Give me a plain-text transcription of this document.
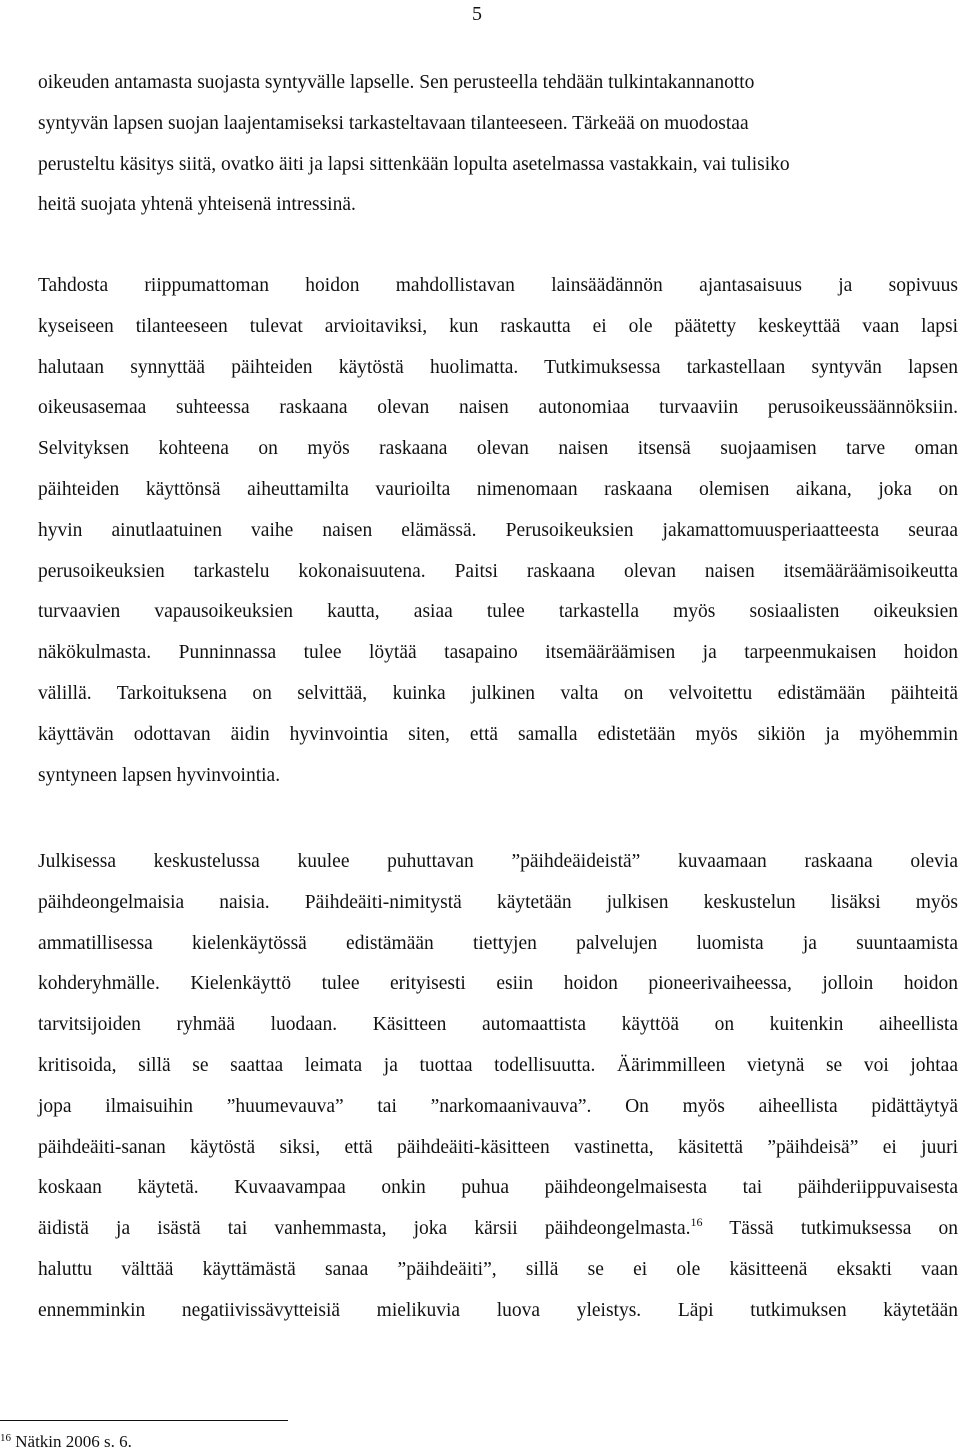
5
oikeuden antamasta suojasta syntyvälle lapselle. Sen perusteella tehdään tulkintakannanotto
syntyvän lapsen suojan laajentamiseksi tarkasteltavaan tilanteeseen. Tärkeää on muodostaa
perusteltu käsitys siitä, ovatko äiti ja lapsi sittenkään lopulta asetelmassa vastakkain, vai tulisiko
heitä suojata yhtenä yhteisenä intressinä.
Tahdosta riippumattoman hoidon mahdollistavan lainsäädännön ajantasaisuus ja sopivuus
kyseiseen tilanteeseen tulevat arvioitaviksi, kun raskautta ei ole päätetty keskeyttää vaan lapsi
halutaan synnyttää päihteiden käytöstä huolimatta. Tutkimuksessa tarkastellaan syntyvän lapsen
oikeusasemaa suhteessa raskaana olevan naisen autonomiaa turvaaviin perusoikeussäännöksiin.
Selvityksen kohteena on myös raskaana olevan naisen itsensä suojaamisen tarve oman
päihteiden käyttönsä aiheuttamilta vaurioilta nimenomaan raskaana olemisen aikana, joka on
hyvin ainutlaatuinen vaihe naisen elämässä. Perusoikeuksien jakamattomuusperiaatteesta seuraa
perusoikeuksien tarkastelu kokonaisuutena. Paitsi raskaana olevan naisen itsemääräämisoikeutta
turvaavien vapausoikeuksien kautta, asiaa tulee tarkastella myös sosiaalisten oikeuksien
näkökulmasta. Punninnassa tulee löytää tasapaino itsemääräämisen ja tarpeenmukaisen hoidon
välillä. Tarkoituksena on selvittää, kuinka julkinen valta on velvoitettu edistämään päihteitä
käyttävän odottavan äidin hyvinvointia siten, että samalla edistetään myös sikiön ja myöhemmin
syntyneen lapsen hyvinvointia.
Julkisessa keskustelussa kuulee puhuttavan ”päihdeäideistä” kuvaamaan raskaana olevia
päihdeongelmaisia naisia. Päihdeäiti-nimitystä käytetään julkisen keskustelun lisäksi myös
ammatillisessa kielenkäytössä edistämään tiettyjen palvelujen luomista ja suuntaamista
kohderyhmälle. Kielenkäyttö tulee erityisesti esiin hoidon pioneerivaiheessa, jolloin hoidon
tarvitsijoiden ryhmää luodaan. Käsitteen automaattista käyttöä on kuitenkin aiheellista
kritisoida, sillä se saattaa leimata ja tuottaa todellisuutta. Äärimmilleen vietynä se voi johtaa
jopa ilmaisuihin ”huumevauva” tai ”narkomaanivauva”. On myös aiheellista pidättäytyä
päihdeäiti-sanan käytöstä siksi, että päihdeäiti-käsitteen vastinetta, käsitettä ”päihdeisä” ei juuri
koskaan käytetä. Kuvaavampaa onkin puhua päihdeongelmaisesta tai päihderiippuvaisesta
äidistä ja isästä tai vanhemmasta, joka kärsii päihdeongelmasta.$^{16}$ Tässä tutkimuksessa on
haluttu välttää käyttämästä sanaa ”päihdeäiti”, sillä se ei ole käsitteenä eksakti vaan
ennemminkin negatiivissävytteisiä mielikuvia luova yleistys. Läpi tutkimuksen käytetään
$^{16}$ Nätkin 2006 s. 6.
